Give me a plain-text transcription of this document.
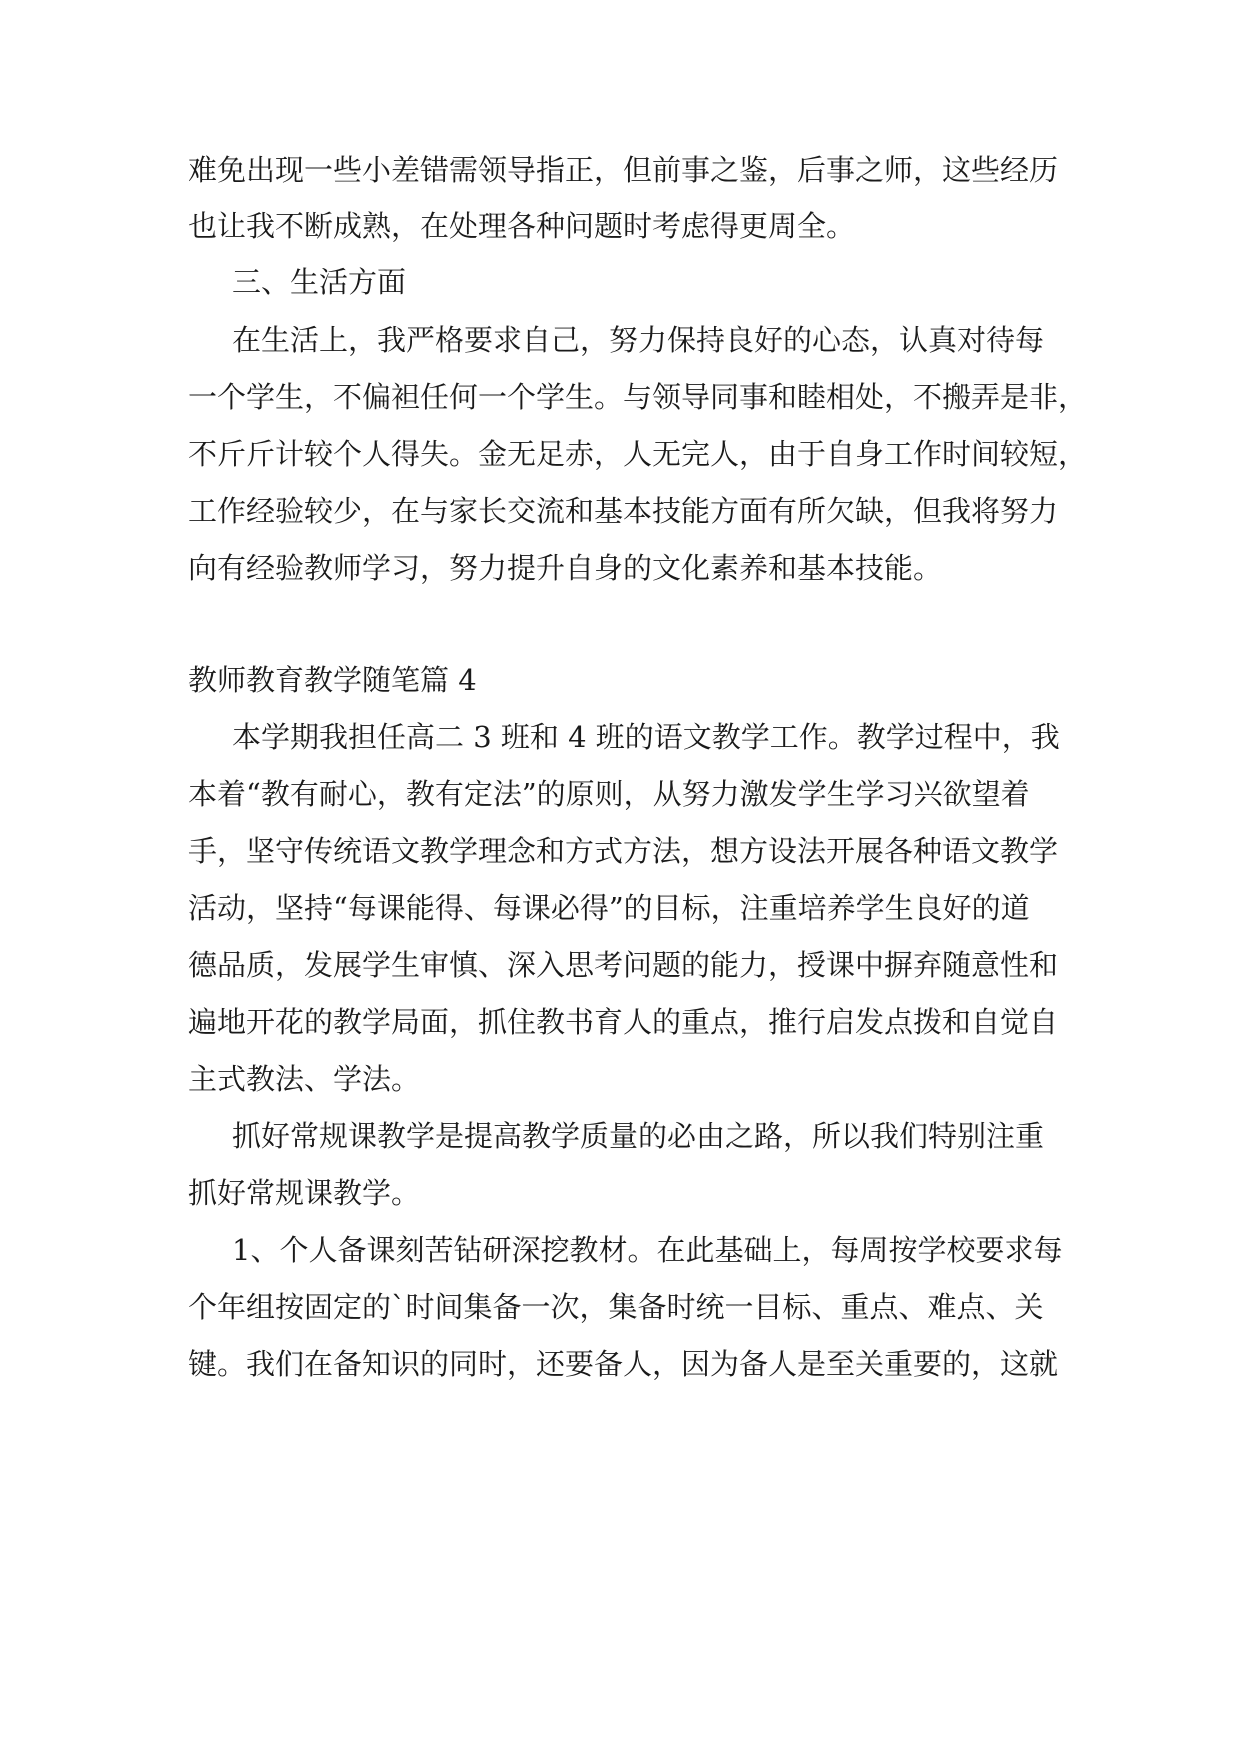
难免出现一些小差错需领导指正，但前事之鉴，后事之师，这些经历
也让我不断成熟，在处理各种问题时考虑得更周全。
三、生活方面
在生活上，我严格要求自己，努力保持良好的心态，认真对待每
一个学生，不偏袒任何一个学生。与领导同事和睦相处，不搬弄是非，
不斤斤计较个人得失。金无足赤，人无完人，由于自身工作时间较短，
工作经验较少，在与家长交流和基本技能方面有所欠缺，但我将努力
向有经验教师学习，努力提升自身的文化素养和基本技能。
教师教育教学随笔篇 4
本学期我担任高二 3 班和 4 班的语文教学工作。教学过程中，我
本着“教有耐心，教有定法”的原则，从努力激发学生学习兴欲望着
手，坚守传统语文教学理念和方式方法，想方设法开展各种语文教学
活动，坚持“每课能得、每课必得”的目标，注重培养学生良好的道
德品质，发展学生审慎、深入思考问题的能力，授课中摒弃随意性和
遍地开花的教学局面，抓住教书育人的重点，推行启发点拨和自觉自
主式教法、学法。
抓好常规课教学是提高教学质量的必由之路，所以我们特别注重
抓好常规课教学。
1、个人备课刻苦钻研深挖教材。在此基础上，每周按学校要求每
个年组按固定的`时间集备一次，集备时统一目标、重点、难点、关
键。我们在备知识的同时，还要备人，因为备人是至关重要的，这就
